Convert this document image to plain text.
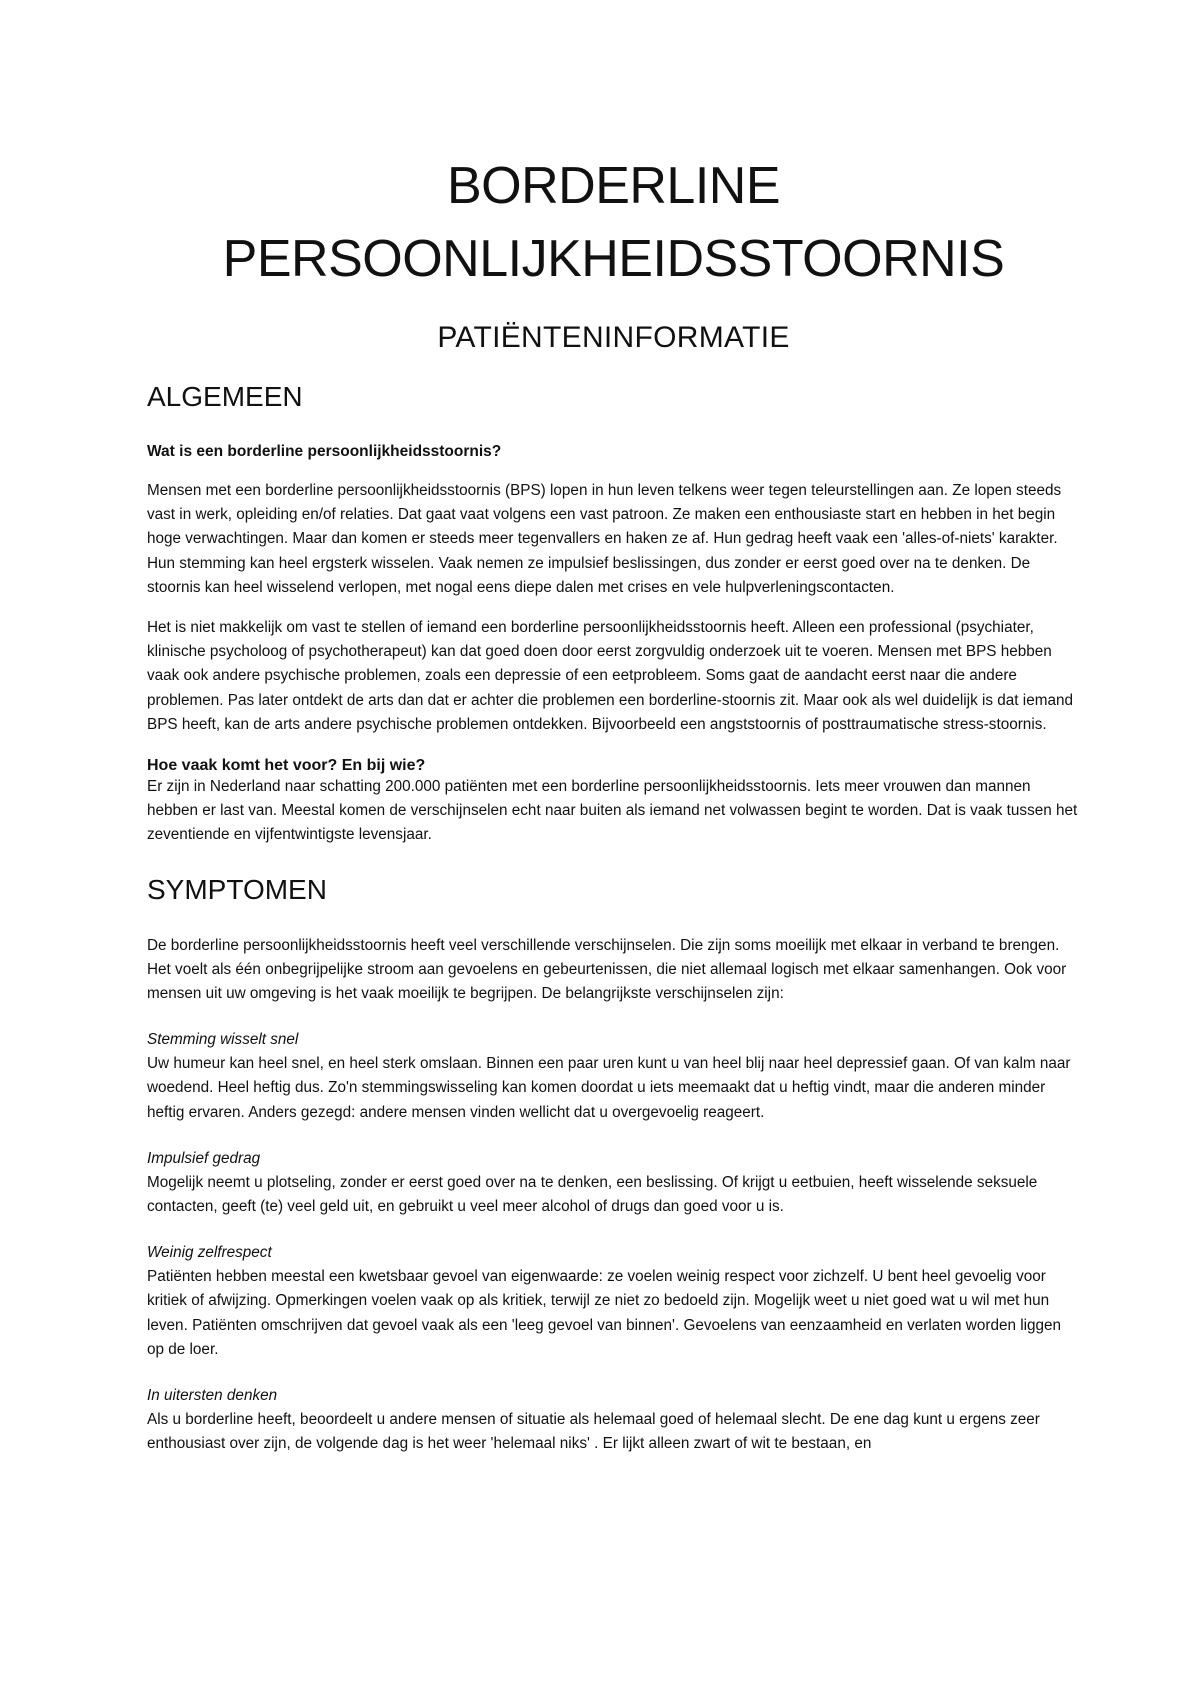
BORDERLINE
PERSOONLIJKHEIDSSTOORNIS
PATIËNTENINFORMATIE
ALGEMEEN
Wat is een borderline persoonlijkheidsstoornis?

Mensen met een borderline persoonlijkheidsstoornis (BPS) lopen in hun leven telkens weer tegen teleurstellingen aan. Ze lopen steeds vast in werk, opleiding en/of relaties. Dat gaat vaat volgens een vast patroon. Ze maken een enthousiaste start en hebben in het begin hoge verwachtingen. Maar dan komen er steeds meer tegenvallers en haken ze af. Hun gedrag heeft vaak een 'alles-of-niets' karakter. Hun stemming kan heel ergsterk wisselen. Vaak nemen ze impulsief beslissingen, dus zonder er eerst goed over na te denken. De stoornis kan heel wisselend verlopen, met nogal eens diepe dalen met crises en vele hulpverleningscontacten.

Het is niet makkelijk om vast te stellen of iemand een borderline persoonlijkheidsstoornis heeft. Alleen een professional (psychiater, klinische psycholoog of psychotherapeut) kan dat goed doen door eerst zorgvuldig onderzoek uit te voeren. Mensen met BPS hebben vaak ook andere psychische problemen, zoals een depressie of een eetprobleem. Soms gaat de aandacht eerst naar die andere problemen. Pas later ontdekt de arts dan dat er achter die problemen een borderline-stoornis zit. Maar ook als wel duidelijk is dat iemand BPS heeft, kan de arts andere psychische problemen ontdekken. Bijvoorbeeld een angststoornis of posttraumatische stress-stoornis.

Hoe vaak komt het voor? En bij wie?

Er zijn in Nederland naar schatting 200.000 patiënten met een borderline persoonlijkheidsstoornis. Iets meer vrouwen dan mannen hebben er last van. Meestal komen de verschijnselen echt naar buiten als iemand net volwassen begint te worden. Dat is vaak tussen het zeventiende en vijfentwintigste levensjaar.

SYMPTOMEN

De borderline persoonlijkheidsstoornis heeft veel verschillende verschijnselen. Die zijn soms moeilijk met elkaar in verband te brengen. Het voelt als één onbegrijpelijke stroom aan gevoelens en gebeurtenissen, die niet allemaal logisch met elkaar samenhangen. Ook voor mensen uit uw omgeving is het vaak moeilijk te begrijpen. De belangrijkste verschijnselen zijn:

Stemming wisselt snel

Uw humeur kan heel snel, en heel sterk omslaan. Binnen een paar uren kunt u van heel blij naar heel depressief gaan. Of van kalm naar woedend. Heel heftig dus. Zo'n stemmingswisseling kan komen doordat u iets meemaakt dat u heftig vindt, maar die anderen minder heftig ervaren. Anders gezegd: andere mensen vinden wellicht dat u overgevoelig reageert.

Impulsief gedrag

Mogelijk neemt u plotseling, zonder er eerst goed over na te denken, een beslissing. Of krijgt u eetbuien, heeft wisselende seksuele contacten, geeft (te) veel geld uit, en gebruikt u veel meer alcohol of drugs dan goed voor u is.

Weinig zelfrespect

Patiënten hebben meestal een kwetsbaar gevoel van eigenwaarde: ze voelen weinig respect voor zichzelf. U bent heel gevoelig voor kritiek of afwijzing. Opmerkingen voelen vaak op als kritiek, terwijl ze niet zo bedoeld zijn. Mogelijk weet u niet goed wat u wil met hun leven. Patiënten omschrijven dat gevoel vaak als een 'leeg gevoel van binnen'. Gevoelens van eenzaamheid en verlaten worden liggen op de loer.

In uitersten denken

Als u borderline heeft, beoordeelt u andere mensen of situatie als helemaal goed of helemaal slecht. De ene dag kunt u ergens zeer enthousiast over zijn, de volgende dag is het weer 'helemaal niks' . Er lijkt alleen zwart of wit te bestaan, en
